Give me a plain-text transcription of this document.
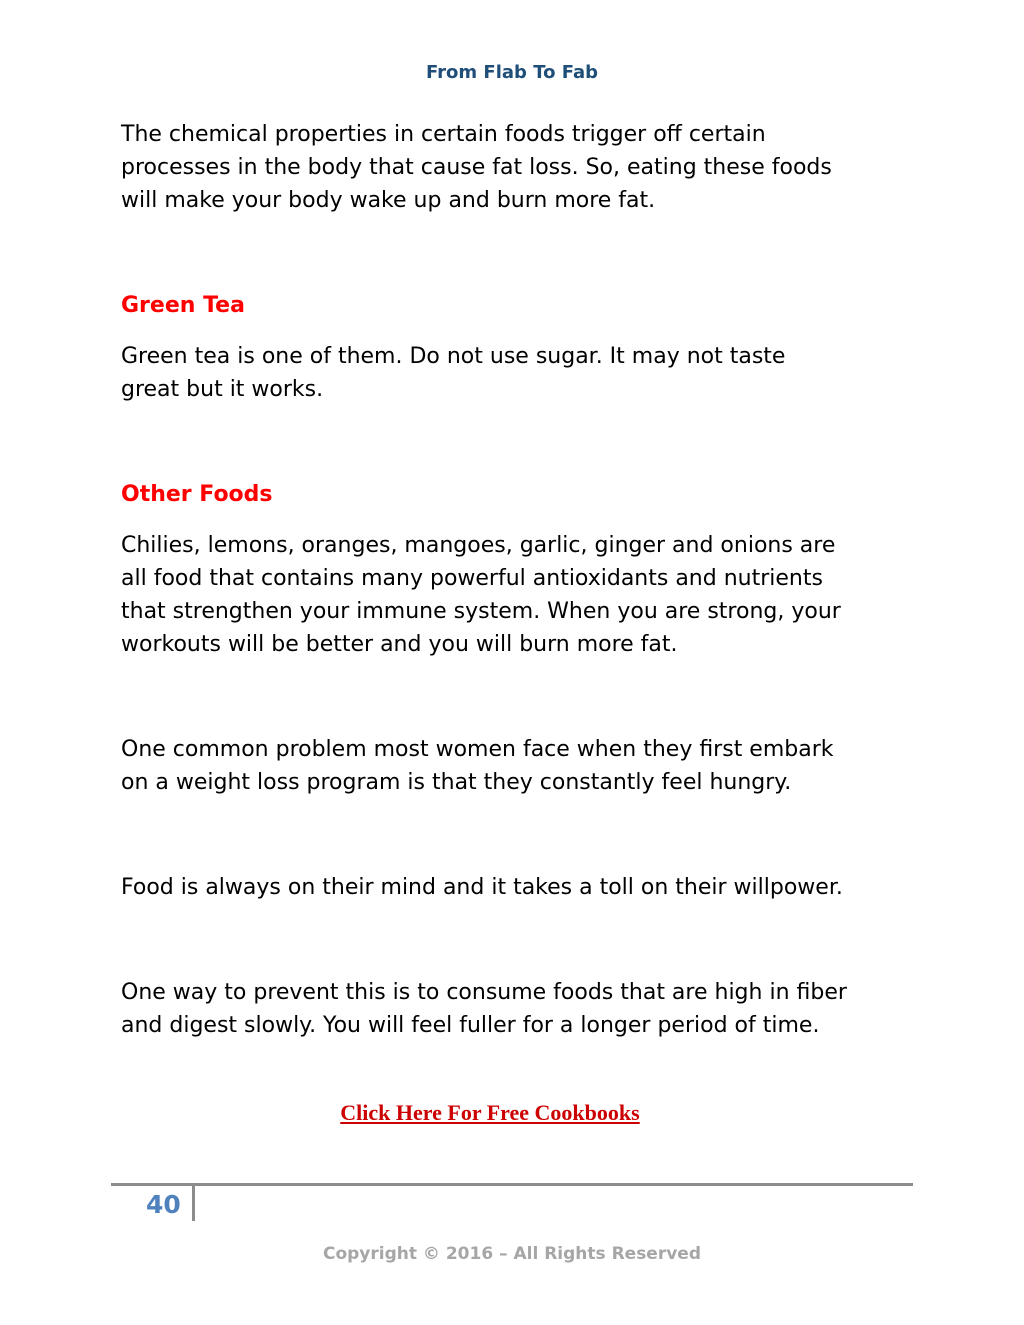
From Flab To Fab

The chemical properties in certain foods trigger off certain
processes in the body that cause fat loss. So, eating these foods
will make your body wake up and burn more fat.

Green Tea

Green tea is one of them. Do not use sugar. It may not taste
great but it works.

Other Foods

Chilies, lemons, oranges, mangoes, garlic, ginger and onions are
all food that contains many powerful antioxidants and nutrients
that strengthen your immune system. When you are strong, your
workouts will be better and you will burn more fat.

One common problem most women face when they first embark
on a weight loss program is that they constantly feel hungry.

Food is always on their mind and it takes a toll on their willpower.

One way to prevent this is to consume foods that are high in fiber
and digest slowly. You will feel fuller for a longer period of time.

Click Here For Free Cookbooks
40
Copyright © 2016 – All Rights Reserved
